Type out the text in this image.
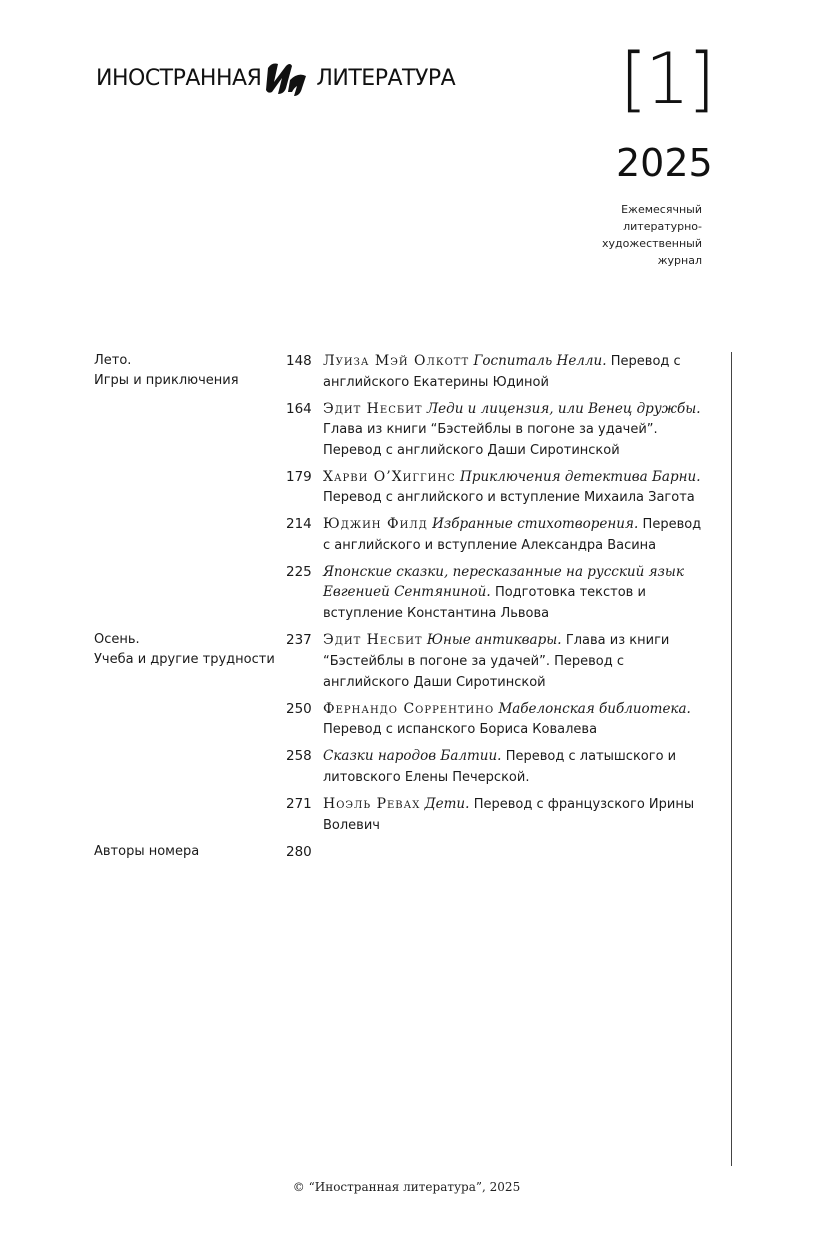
ИНОСТРАННАЯ	ЛИТЕРАТУРА [1]
2025
Ежемесячный
литературно-
художественный
журнал
Лето.
Игры и приключения
148 Луиза Мэй Олкотт Госпиталь Нелли. Перевод с английского Екатерины Юдиной
164 Эдит Несбит Леди и лицензия, или Венец дружбы. Глава из книги “Бэстейблы в погоне за удачей”. Перевод с английского Даши Сиротинской
179 Харви О’Хиггинс Приключения детектива Барни. Перевод с английского и вступление Михаила Загота
214 Юджин Филд Избранные стихотворения. Перевод с английского и вступление Александра Васина
225 Японские сказки, пересказанные на русский язык Евгенией Сентяниной. Подготовка текстов и вступление Константина Львова
Осень.
Учеба и другие трудности
237 Эдит Несбит Юные антиквары. Глава из книги “Бэстейблы в погоне за удачей”. Перевод с английского Даши Сиротинской
250 Фернандо Соррентино Мабелонская библиотека. Перевод с испанского Бориса Ковалева
258 Сказки народов Балтии. Перевод с латышского и литовского Елены Печерской.
271 Ноэль Ревах Дети. Перевод с французского Ирины Волевич
Авторы номера	280

© “Иностранная литература”, 2025
